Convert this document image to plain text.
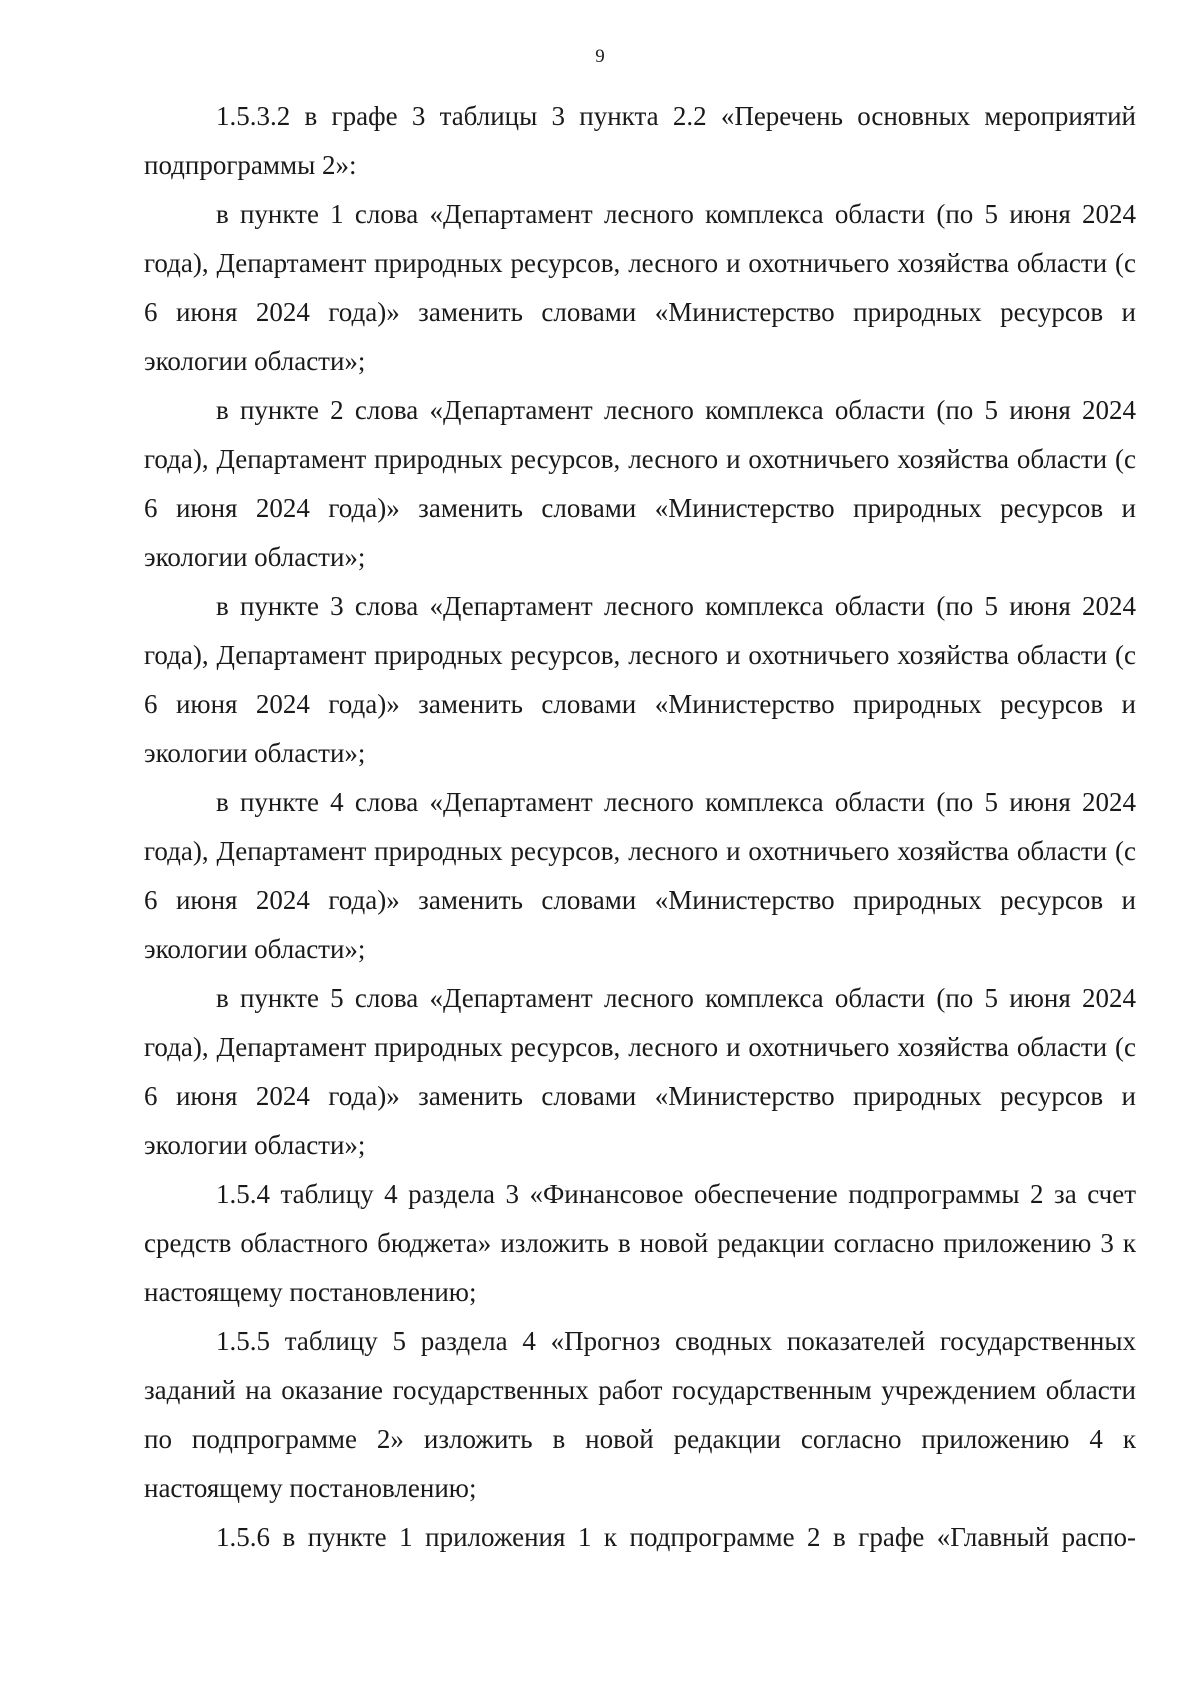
9

1.5.3.2 в графе 3 таблицы 3 пункта 2.2 «Перечень основных мероприятий подпрограммы 2»:

в пункте 1 слова «Департамент лесного комплекса области (по 5 июня 2024 года), Департамент природных ресурсов, лесного и охотничьего хозяйства области (с 6 июня 2024 года)» заменить словами «Министерство природных ресурсов и экологии области»;

в пункте 2 слова «Департамент лесного комплекса области (по 5 июня 2024 года), Департамент природных ресурсов, лесного и охотничьего хозяйства области (с 6 июня 2024 года)» заменить словами «Министерство природных ресурсов и экологии области»;

в пункте 3 слова «Департамент лесного комплекса области (по 5 июня 2024 года), Департамент природных ресурсов, лесного и охотничьего хозяйства области (с 6 июня 2024 года)» заменить словами «Министерство природных ресурсов и экологии области»;

в пункте 4 слова «Департамент лесного комплекса области (по 5 июня 2024 года), Департамент природных ресурсов, лесного и охотничьего хозяйства области (с 6 июня 2024 года)» заменить словами «Министерство природных ресурсов и экологии области»;

в пункте 5 слова «Департамент лесного комплекса области (по 5 июня 2024 года), Департамент природных ресурсов, лесного и охотничьего хозяйства области (с 6 июня 2024 года)» заменить словами «Министерство природных ресурсов и экологии области»;

1.5.4 таблицу 4 раздела 3 «Финансовое обеспечение подпрограммы 2 за счет средств областного бюджета» изложить в новой редакции согласно приложению 3 к настоящему постановлению;

1.5.5 таблицу 5 раздела 4 «Прогноз сводных показателей государственных заданий на оказание государственных работ государственным учреждением области по подпрограмме 2» изложить в новой редакции согласно приложению 4 к настоящему постановлению;

1.5.6 в пункте 1 приложения 1 к подпрограмме 2 в графе «Главный распо-
